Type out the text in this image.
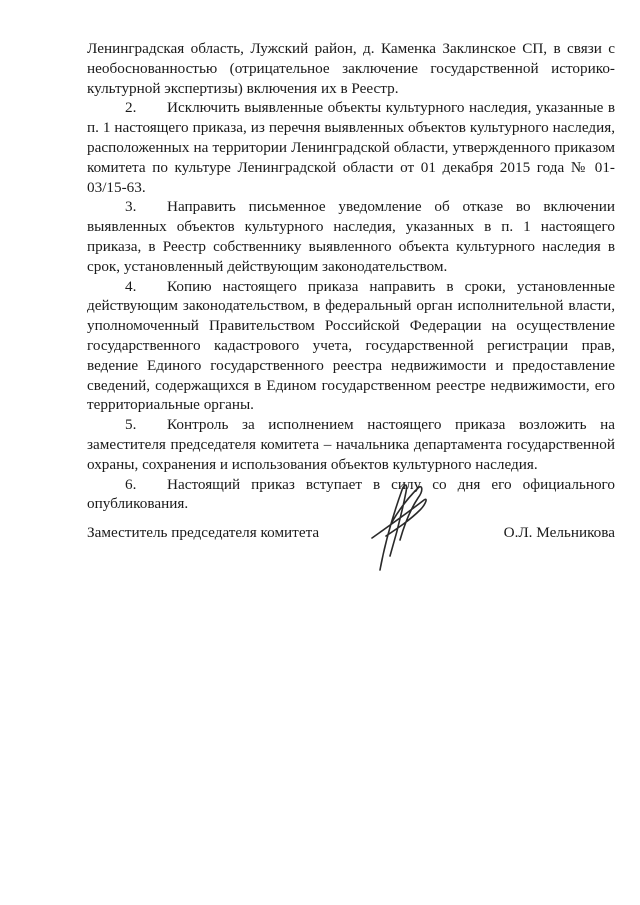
Ленинградская область, Лужский район, д. Каменка Заклинское СП, в связи с необоснованностью (отрицательное заключение государственной историко-культурной экспертизы) включения их в Реестр.

2. Исключить выявленные объекты культурного наследия, указанные в п. 1 настоящего приказа, из перечня выявленных объектов культурного наследия, расположенных на территории Ленинградской области, утвержденного приказом комитета по культуре Ленинградской области от 01 декабря 2015 года № 01-03/15-63.

3. Направить письменное уведомление об отказе во включении выявленных объектов культурного наследия, указанных в п. 1 настоящего приказа, в Реестр собственнику выявленного объекта культурного наследия в срок, установленный действующим законодательством.

4. Копию настоящего приказа направить в сроки, установленные действующим законодательством, в федеральный орган исполнительной власти, уполномоченный Правительством Российской Федерации на осуществление государственного кадастрового учета, государственной регистрации прав, ведение Единого государственного реестра недвижимости и предоставление сведений, содержащихся в Едином государственном реестре недвижимости, его территориальные органы.

5. Контроль за исполнением настоящего приказа возложить на заместителя председателя комитета – начальника департамента государственной охраны, сохранения и использования объектов культурного наследия.

6. Настоящий приказ вступает в силу со дня его официального опубликования.

Заместитель председателя комитета	О.Л. Мельникова
